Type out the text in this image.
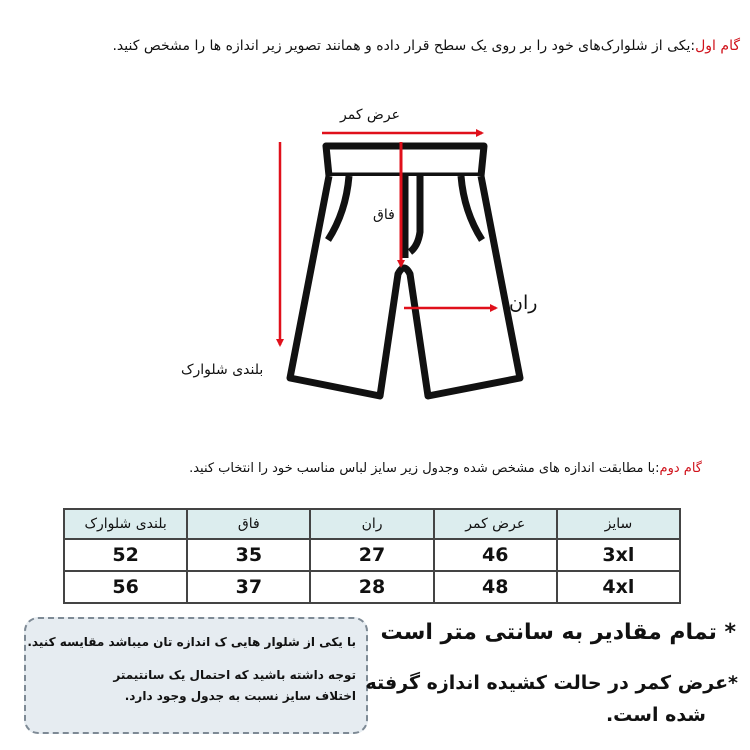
گام اول:یکی از شلوارک‌های خود را بر روی یک سطح قرار داده و همانند تصویر زیر اندازه ها را مشخص کنید.
عرض کمر
فاق
ران
بلندی شلوارک
گام دوم:با مطابقت اندازه های مشخص شده وجدول زیر سایز لباس مناسب خود را انتخاب کنید.
سایز	عرض کمر	ران	فاق	بلندی شلوارک
3xl	46	27	35	52
4xl	48	28	37	56
با یکی از شلوار هایی ک اندازه تان میباشد مقایسه کنید.
توجه داشته باشید که احتمال یک سانتیمتر
اختلاف سایز نسبت به جدول وجود دارد.
* تمام مقادیر به سانتی متر است
*عرض کمر در حالت کشیده اندازه گرفته
شده است.
